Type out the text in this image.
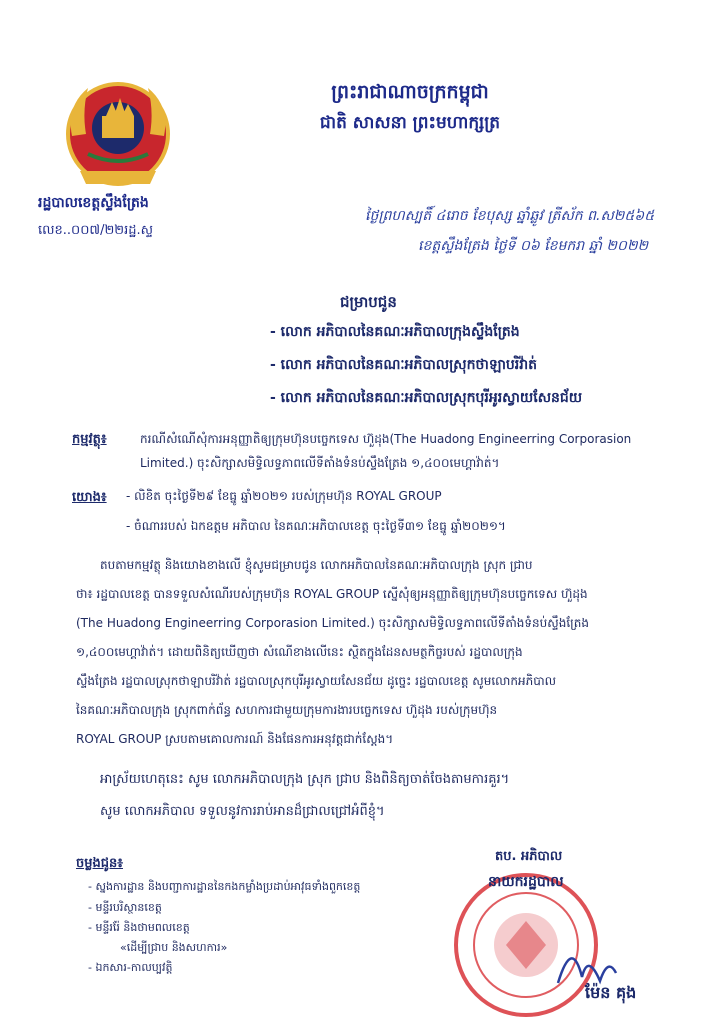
ព្រះរាជាណាចក្រកម្ពុជា
ជាតិ សាសនា ព្រះមហាក្សត្រ
រដ្ឋបាលខេត្តស្ទឹងត្រែង
លេខ..០០៧/២២រដ្ឋ.ស្ទ
ថ្ងៃព្រហស្បតិ៍ ៤រោច ខែបុស្ស ឆ្នាំឆ្លូវ ត្រីស័ក ព.ស២៥៦៥
ខេត្តស្ទឹងត្រែង ថ្ងៃទី ០៦ ខែមករា ឆ្នាំ ២០២២
ជម្រាបជូន
- លោក អភិបាលនៃគណៈអភិបាលក្រុងស្ទឹងត្រែង
- លោក អភិបាលនៃគណៈអភិបាលស្រុកថាឡាបរិវ៉ាត់
- លោក អភិបាលនៃគណៈអភិបាលស្រុកបុរីអូរស្វាយសែនជ័យ
កម្មវត្ថុ៖	ករណីសំណើសុំការអនុញ្ញាតិឲ្យក្រុមហ៊ុនបច្ចេកទេស ហ៊ួដុង(The Huadong Engineerring Corporasion
Limited.) ចុះសិក្សាសមិទ្ធិលទ្ធភាពលើទីតាំងទំនប់ស្ទឹងត្រែង ១,៤០០មេហ្គាវ៉ាត់។
យោង៖ - លិខិត ចុះថ្ងៃទី២៩ ខែធ្នូ ឆ្នាំ២០២១ របស់ក្រុមហ៊ុន ROYAL GROUP
- ចំណាររបស់ ឯកឧត្តម អភិបាល នៃគណៈអភិបាលខេត្ត ចុះថ្ងៃទី៣១ ខែធ្នូ ឆ្នាំ២០២១។
តបតាមកម្មវត្ថុ និងយោងខាងលើ ខ្ញុំសូមជម្រាបជូន លោកអភិបាលនៃគណៈអភិបាលក្រុង ស្រុក ជ្រាប
ថា៖ រដ្ឋបាលខេត្ត បានទទួលសំណើរបស់ក្រុមហ៊ុន ROYAL GROUP ស្នើសុំឲ្យអនុញ្ញាតិឲ្យក្រុមហ៊ុនបច្ចេកទេស ហ៊ួដុង
(The Huadong Engineerring Corporasion Limited.) ចុះសិក្សាសមិទ្ធិលទ្ធភាពលើទីតាំងទំនប់ស្ទឹងត្រែង
១,៤០០មេហ្គាវ៉ាត់។ ដោយពិនិត្យឃើញថា សំណើខាងលើនេះ ស្ថិតក្នុងដែនសមត្ថកិច្ចរបស់ រដ្ឋបាលក្រុង
ស្ទឹងត្រែង រដ្ឋបាលស្រុកថាឡាបរិវ៉ាត់ រដ្ឋបាលស្រុកបុរីអូរស្វាយសែនជ័យ ដូច្នេះ រដ្ឋបាលខេត្ត សូមលោកអភិបាល
នៃគណៈអភិបាលក្រុង ស្រុកពាក់ព័ន្ធ សហការជាមួយក្រុមការងារបច្ចេកទេស ហ៊ួដុង របស់ក្រុមហ៊ុន
ROYAL GROUP ស្របតាមគោលការណ៍ និងផែនការអនុវត្តជាក់ស្តែង។
អាស្រ័យហេតុនេះ សូម លោកអភិបាលក្រុង ស្រុក ជ្រាប និងពិនិត្យចាត់ចែងតាមការគួរ។
សូម លោកអភិបាល ទទួលនូវការរាប់អានដ៏ជ្រាលជ្រៅអំពីខ្ញុំ។
ចម្លងជូន៖
- ស្នងការដ្ឋាន និងបញ្ជាការដ្ឋាននៃកងកម្លាំងប្រដាប់អាវុធទាំងពួកខេត្ត
- មន្ទីរបរិស្ថានខេត្ត
- មន្ទីររ៉ែ និងថាមពលខេត្ត
«ដើម្បីជ្រាប និងសហការ»
- ឯកសារ-កាលប្បវត្តិ
តប. អភិបាល
នាយករដ្ឋបាល
ម៉ែន គុង
